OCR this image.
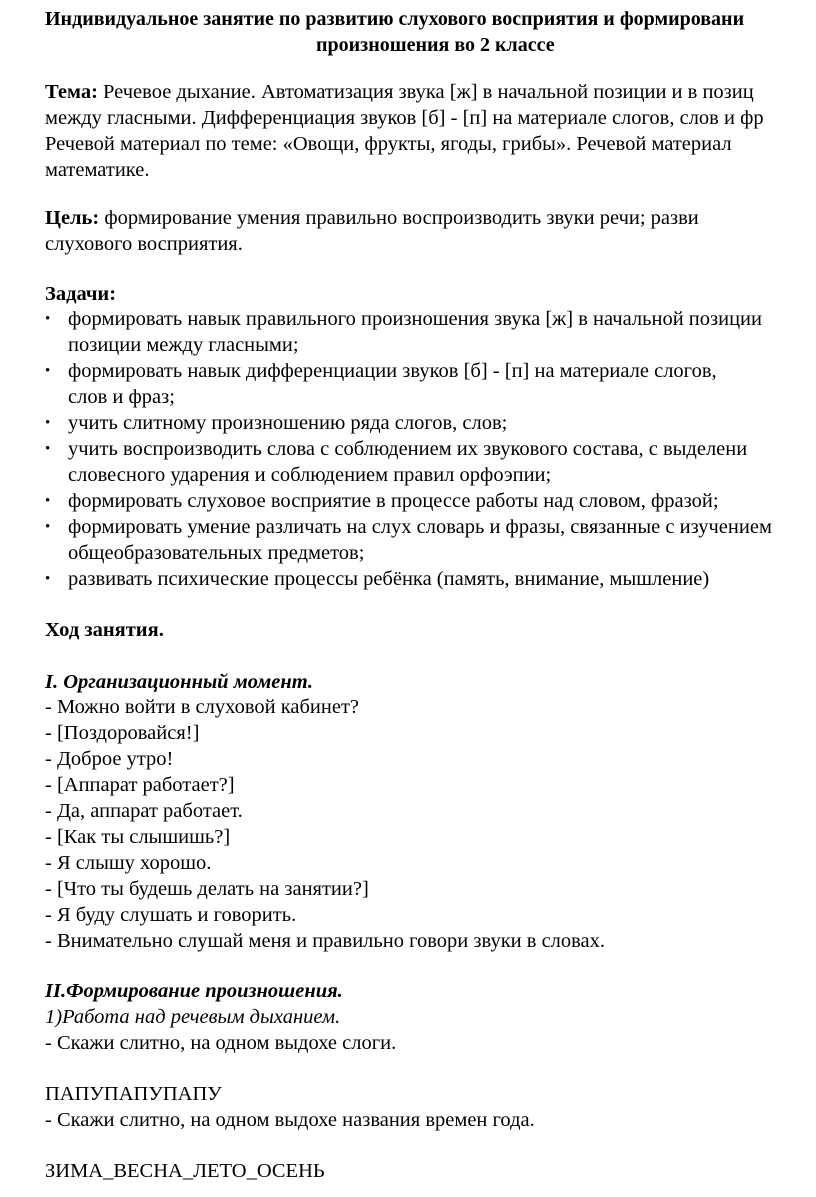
Индивидуальное занятие по развитию слухового восприятия и формировани
произношения во 2 классе
Тема: Речевое дыхание. Автоматизация звука [ж] в начальной позиции и в позиц
между гласными. Дифференциация звуков [б] - [п] на материале слогов, слов и фр
Речевой материал по теме: «Овощи, фрукты, ягоды, грибы». Речевой материал
математике.
Цель: формирование умения правильно воспроизводить звуки речи; разви
слухового восприятия.
Задачи:
• формировать навык правильного произношения звука [ж] в начальной позиции
позиции между гласными;
• формировать навык дифференциации звуков [б] - [п] на материале слогов,
слов и фраз;
• учить слитному произношению ряда слогов, слов;
• учить воспроизводить слова с соблюдением их звукового состава, с выделени
словесного ударения и соблюдением правил орфоэпии;
• формировать слуховое восприятие в процессе работы над словом, фразой;
• формировать умение различать на слух словарь и фразы, связанные с изучением
общеобразовательных предметов;
• развивать психические процессы ребёнка (память, внимание, мышление)
Ход занятия.
I. Организационный момент.
- Можно войти в слуховой кабинет?
- [Поздоровайся!]
- Доброе утро!
- [Аппарат работает?]
- Да, аппарат работает.
- [Как ты слышишь?]
- Я слышу хорошо.
- [Что ты будешь делать на занятии?]
- Я буду слушать и говорить.
- Внимательно слушай меня и правильно говори звуки в словах.
II.Формирование произношения.
1)Работа над речевым дыханием.
- Скажи слитно, на одном выдохе слоги.
ПАПУПАПУПАПУ
- Скажи слитно, на одном выдохе названия времен года.
ЗИМА_ВЕСНА_ЛЕТО_ОСЕНЬ
